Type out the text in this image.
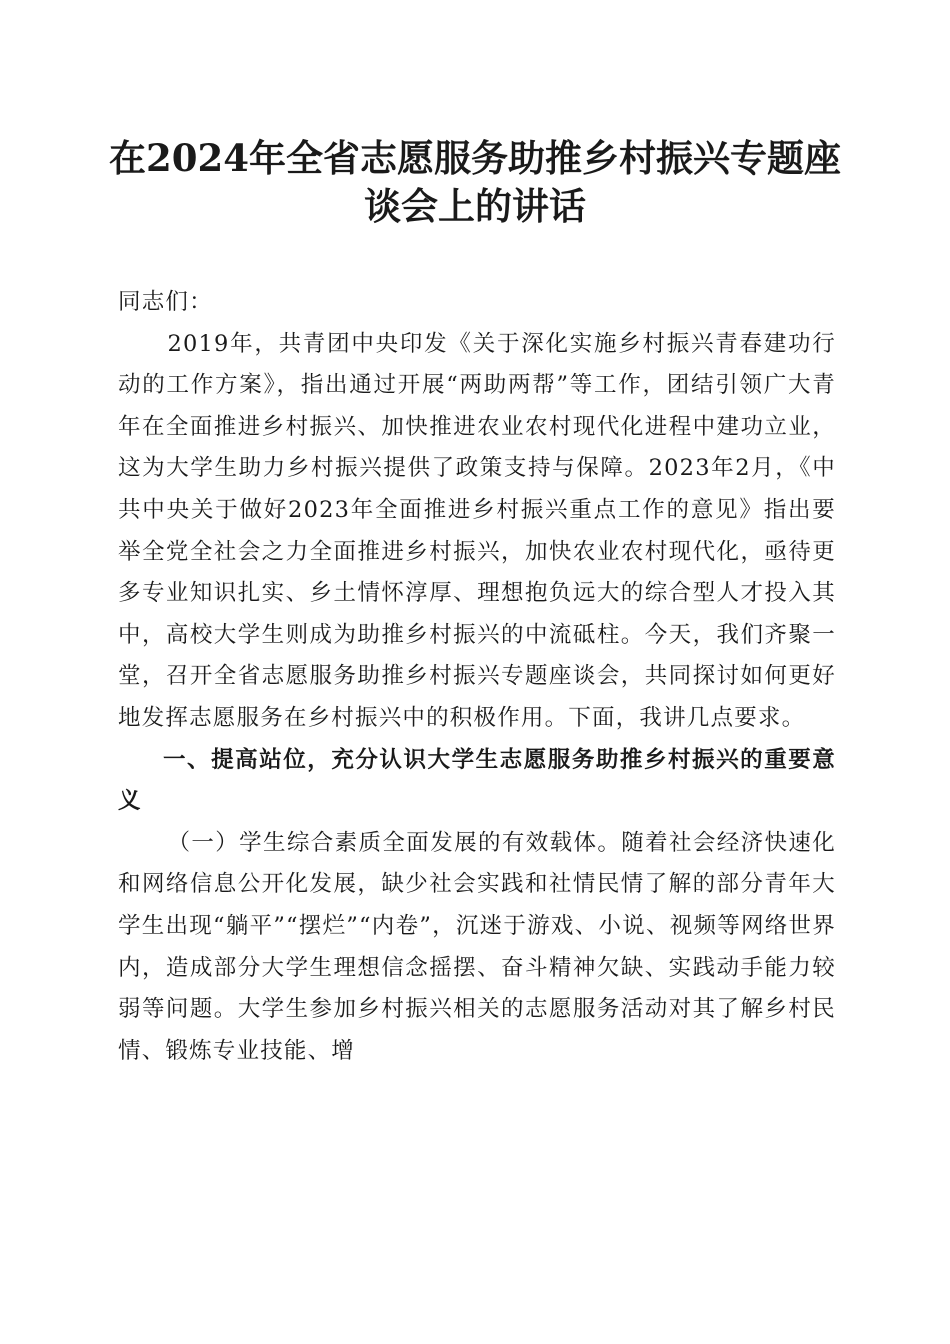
在2024年全省志愿服务助推乡村振兴专题座
谈会上的讲话

同志们：

2019年，共青团中央印发《关于深化实施乡村振兴青春建功行动的工作方案》，指出通过开展“两助两帮”等工作，团结引领广大青年在全面推进乡村振兴、加快推进农业农村现代化进程中建功立业，这为大学生助力乡村振兴提供了政策支持与保障。2023年2月，《中共中央关于做好2023年全面推进乡村振兴重点工作的意见》指出要举全党全社会之力全面推进乡村振兴，加快农业农村现代化，亟待更多专业知识扎实、乡土情怀淳厚、理想抱负远大的综合型人才投入其中，高校大学生则成为助推乡村振兴的中流砥柱。今天，我们齐聚一堂，召开全省志愿服务助推乡村振兴专题座谈会，共同探讨如何更好地发挥志愿服务在乡村振兴中的积极作用。下面，我讲几点要求。

一、提高站位，充分认识大学生志愿服务助推乡村振兴的重要意义

（一）学生综合素质全面发展的有效载体。随着社会经济快速化和网络信息公开化发展，缺少社会实践和社情民情了解的部分青年大学生出现“躺平”“摆烂”“内卷”，沉迷于游戏、小说、视频等网络世界内，造成部分大学生理想信念摇摆、奋斗精神欠缺、实践动手能力较弱等问题。大学生参加乡村振兴相关的志愿服务活动对其了解乡村民情、锻炼专业技能、增
